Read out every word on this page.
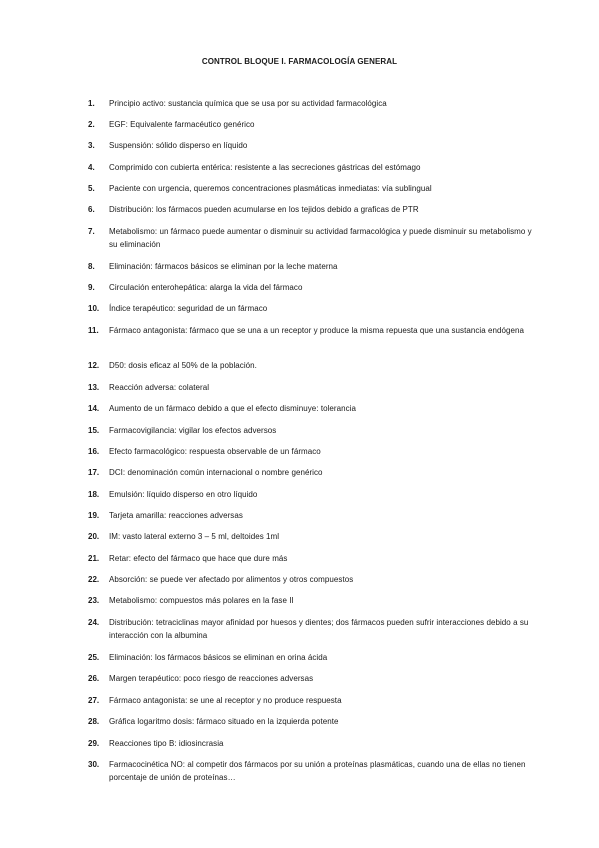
CONTROL BLOQUE I. FARMACOLOGÍA GENERAL
1.	Principio activo: sustancia química que se usa por su actividad farmacológica
2.	EGF: Equivalente farmacéutico genérico
3.	Suspensión: sólido disperso en líquido
4.	Comprimido con cubierta entérica: resistente a las secreciones gástricas del estómago
5.	Paciente con urgencia, queremos concentraciones plasmáticas inmediatas: vía sublingual
6.	Distribución: los fármacos pueden acumularse en los tejidos debido a graficas de PTR
7.	Metabolismo: un fármaco puede aumentar o disminuir su actividad farmacológica y puede disminuir su metabolismo y su eliminación
8.	Eliminación: fármacos básicos se eliminan por la leche materna
9.	Circulación enterohepática: alarga la vida del fármaco
10.	Índice terapéutico: seguridad de un fármaco
11.	Fármaco antagonista: fármaco que se una a un receptor y produce la misma repuesta que una sustancia endógena
12.	D50: dosis eficaz al 50% de la población.
13.	Reacción adversa: colateral
14.	Aumento de un fármaco debido a que el efecto disminuye: tolerancia
15.	Farmacovigilancia: vigilar los efectos adversos
16.	Efecto farmacológico: respuesta observable de un fármaco
17.	DCI: denominación común internacional o nombre genérico
18.	Emulsión: líquido disperso en otro líquido
19.	Tarjeta amarilla: reacciones adversas
20.	IM: vasto lateral externo 3 – 5 ml, deltoides 1ml
21.	Retar: efecto del fármaco que hace que dure más
22.	Absorción: se puede ver afectado por alimentos y otros compuestos
23.	Metabolismo: compuestos más polares en la fase II
24.	Distribución: tetraciclinas mayor afinidad por huesos y dientes; dos fármacos pueden sufrir interacciones debido a su interacción con la albumina
25.	Eliminación: los fármacos básicos se eliminan en orina ácida
26.	Margen terapéutico: poco riesgo de reacciones adversas
27.	Fármaco antagonista: se une al receptor y no produce respuesta
28.	Gráfica logaritmo dosis: fármaco situado en la izquierda potente
29.	Reacciones tipo B: idiosincrasia
30.	Farmacocinética NO: al competir dos fármacos por su unión a proteínas plasmáticas, cuando una de ellas no tienen porcentaje de unión de proteínas…
